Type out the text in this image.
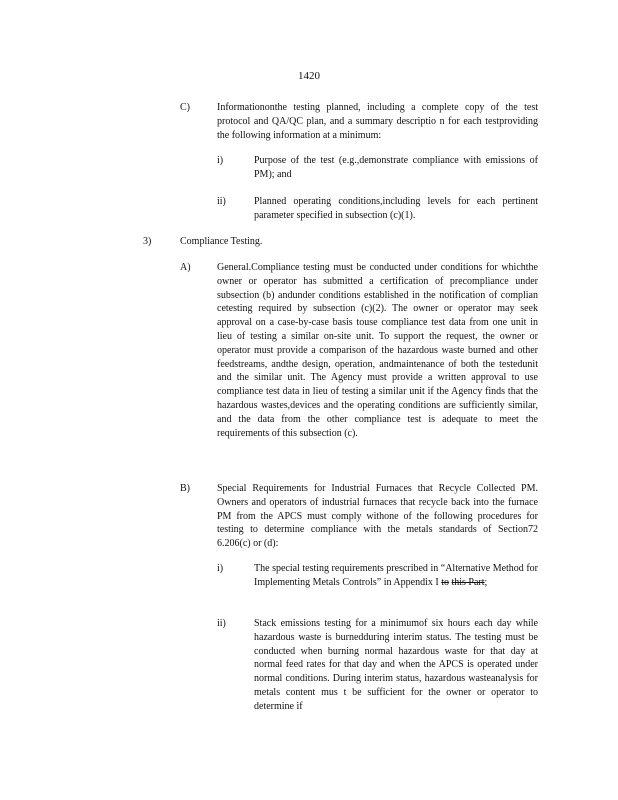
1420
C)	Informationonthe testing planned, including a complete copy of the test protocol and QA/QC plan, and a summary descriptio n for each testproviding the following information at a minimum:
i)	Purpose of the test (e.g.,demonstrate compliance with emissions of PM); and
ii)	Planned operating conditions,including levels for each pertinent parameter specified in subsection (c)(1).
3)	Compliance Testing.
A)	General.Compliance testing must be conducted under conditions for whichthe owner or operator has submitted a certification of precompliance under subsection (b) andunder conditions established in the notification of complian cetesting required by subsection (c)(2). The owner or operator may seek approval on a case-by-case basis touse compliance test data from one unit in lieu of testing a similar on-site unit. To support the request, the owner or operator must provide a comparison of the hazardous waste burned and other feedstreams, andthe design, operation, andmaintenance of both the testedunit and the similar unit. The Agency must provide a written approval to use compliance test data in lieu of testing a similar unit if the Agency finds that the hazardous wastes,devices and the operating conditions are sufficiently similar, and the data from the other compliance test is adequate to meet the requirements of this subsection (c).
B)	Special Requirements for Industrial Furnaces that Recycle Collected PM. Owners and operators of industrial furnaces that recycle back into the furnace PM from the APCS must comply withone of the following procedures for testing to determine compliance with the metals standards of Section72 6.206(c) or (d):
i)	The special testing requirements prescribed in “Alternative Method for Implementing Metals Controls” in Appendix I to this Part;
ii)	Stack emissions testing for a minimumof six hours each day while hazardous waste is burnedduring interim status. The testing must be conducted when burning normal hazardous waste for that day at normal feed rates for that day and when the APCS is operated under normal conditions. During interim status, hazardous wasteanalysis for metals content mus t be sufficient for the owner or operator to determine if
